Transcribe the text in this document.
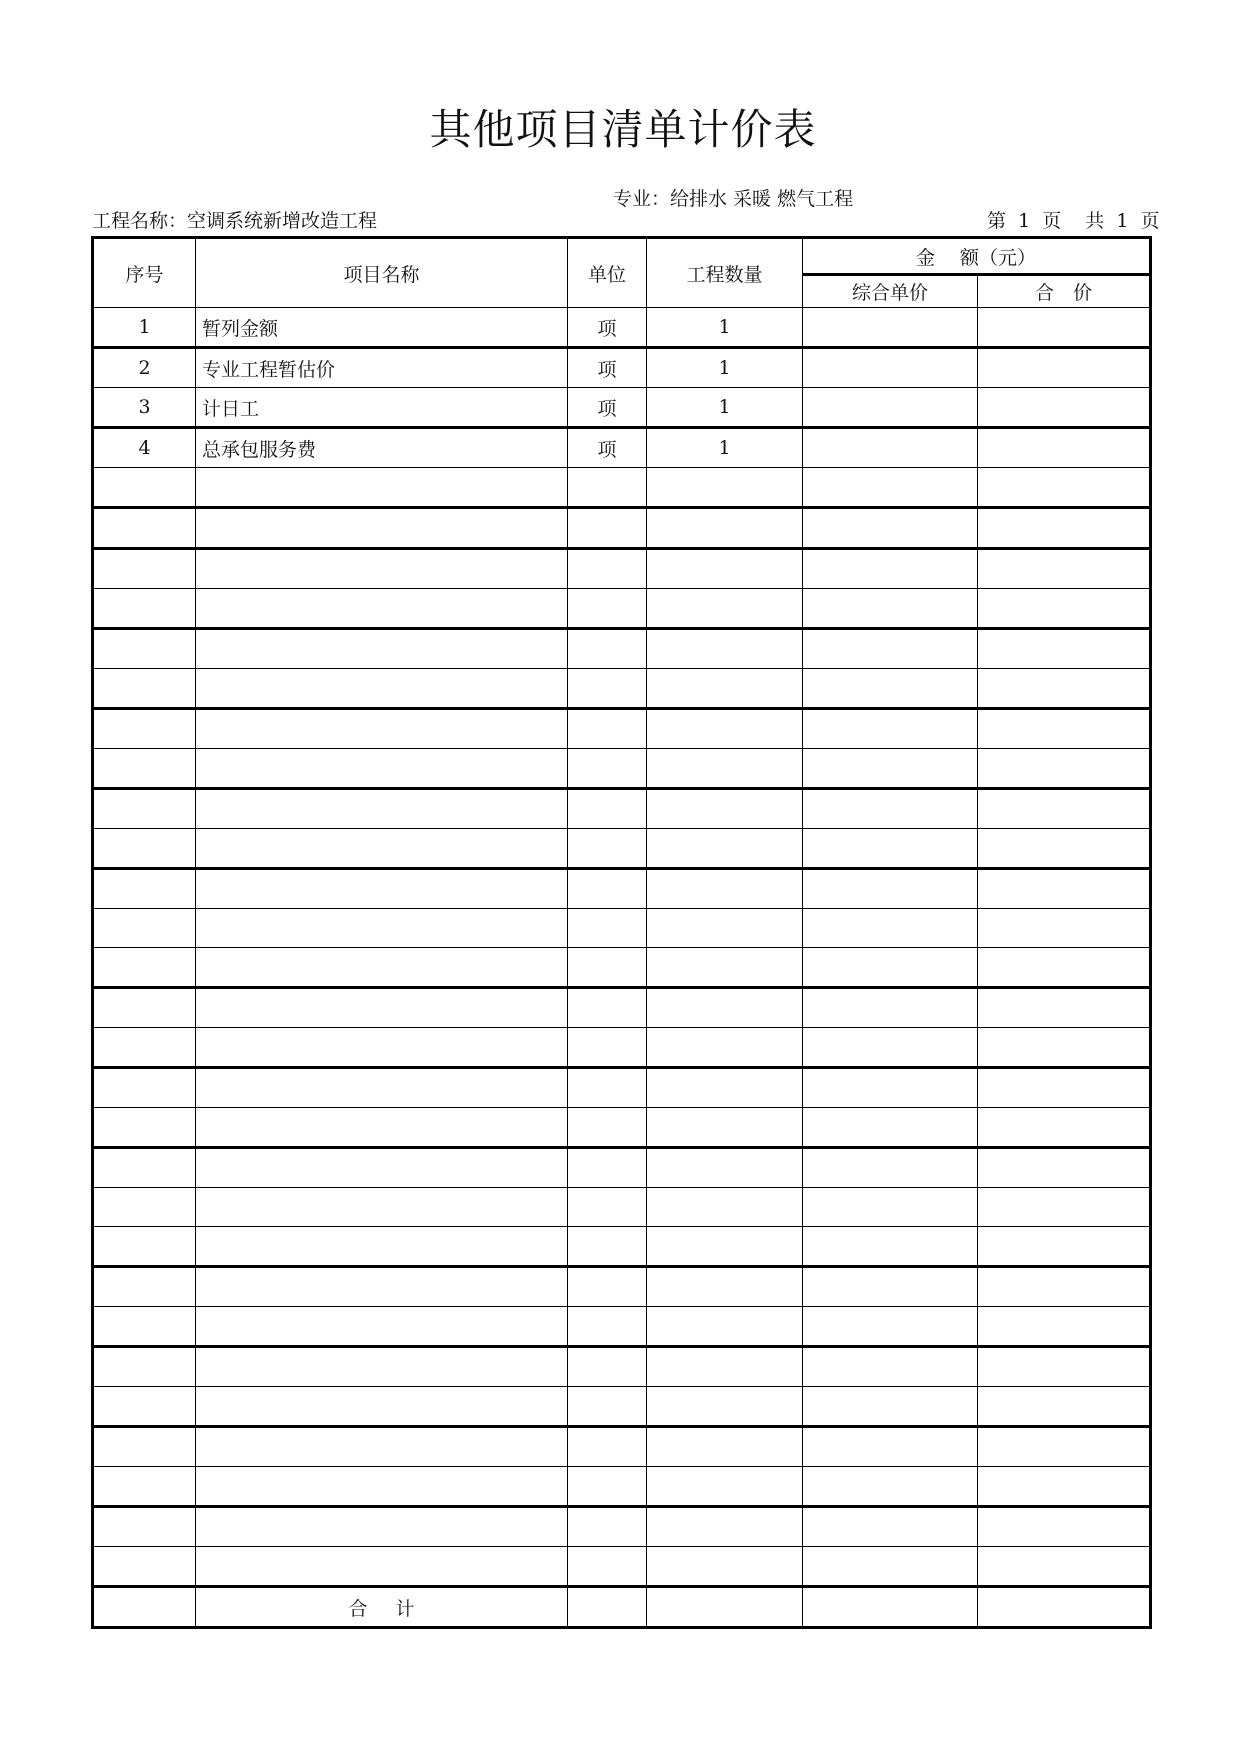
其他项目清单计价表
工程名称：空调系统新增改造工程
专业：给排水 采暖 燃气工程
第 1 页 共 1 页
序号	项目名称	单位	工程数量	金　 额（元）	
				综合单价	合　价
1	暂列金额	项	1		
2	专业工程暂估价	项	1		
3	计日工	项	1		
4	总承包服务费	项	1		

	合 计				
